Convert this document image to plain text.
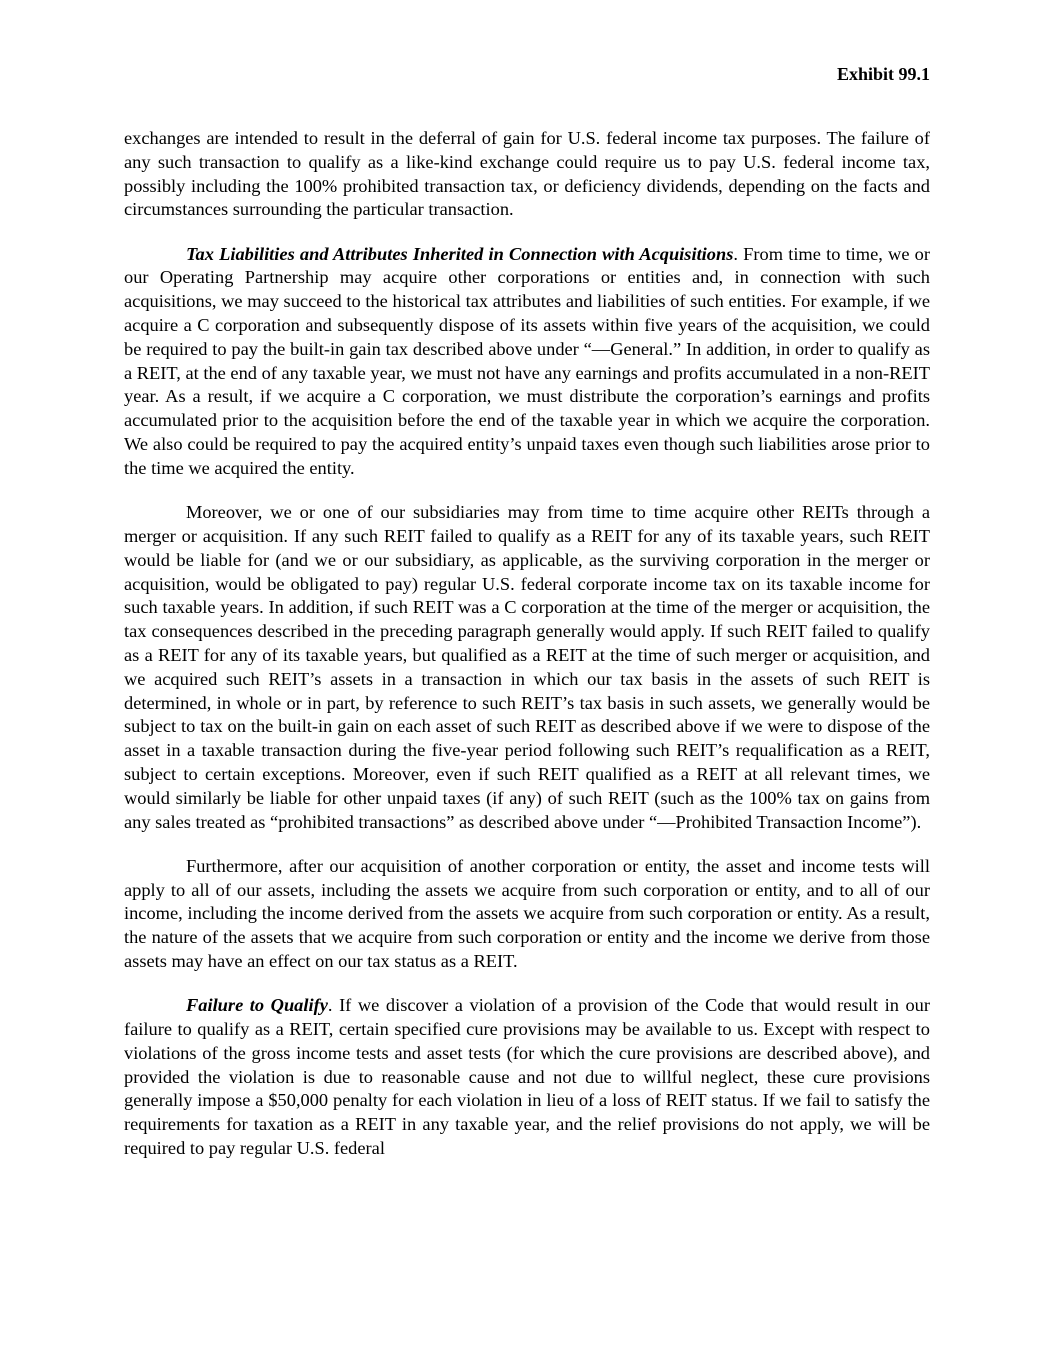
Exhibit 99.1

exchanges are intended to result in the deferral of gain for U.S. federal income tax purposes. The failure of any such transaction to qualify as a like-kind exchange could require us to pay U.S. federal income tax, possibly including the 100% prohibited transaction tax, or deficiency dividends, depending on the facts and circumstances surrounding the particular transaction.

Tax Liabilities and Attributes Inherited in Connection with Acquisitions. From time to time, we or our Operating Partnership may acquire other corporations or entities and, in connection with such acquisitions, we may succeed to the historical tax attributes and liabilities of such entities. For example, if we acquire a C corporation and subsequently dispose of its assets within five years of the acquisition, we could be required to pay the built-in gain tax described above under “—General.” In addition, in order to qualify as a REIT, at the end of any taxable year, we must not have any earnings and profits accumulated in a non-REIT year. As a result, if we acquire a C corporation, we must distribute the corporation’s earnings and profits accumulated prior to the acquisition before the end of the taxable year in which we acquire the corporation. We also could be required to pay the acquired entity’s unpaid taxes even though such liabilities arose prior to the time we acquired the entity.

Moreover, we or one of our subsidiaries may from time to time acquire other REITs through a merger or acquisition. If any such REIT failed to qualify as a REIT for any of its taxable years, such REIT would be liable for (and we or our subsidiary, as applicable, as the surviving corporation in the merger or acquisition, would be obligated to pay) regular U.S. federal corporate income tax on its taxable income for such taxable years. In addition, if such REIT was a C corporation at the time of the merger or acquisition, the tax consequences described in the preceding paragraph generally would apply. If such REIT failed to qualify as a REIT for any of its taxable years, but qualified as a REIT at the time of such merger or acquisition, and we acquired such REIT’s assets in a transaction in which our tax basis in the assets of such REIT is determined, in whole or in part, by reference to such REIT’s tax basis in such assets, we generally would be subject to tax on the built-in gain on each asset of such REIT as described above if we were to dispose of the asset in a taxable transaction during the five-year period following such REIT’s requalification as a REIT, subject to certain exceptions. Moreover, even if such REIT qualified as a REIT at all relevant times, we would similarly be liable for other unpaid taxes (if any) of such REIT (such as the 100% tax on gains from any sales treated as “prohibited transactions” as described above under “—Prohibited Transaction Income”).

Furthermore, after our acquisition of another corporation or entity, the asset and income tests will apply to all of our assets, including the assets we acquire from such corporation or entity, and to all of our income, including the income derived from the assets we acquire from such corporation or entity. As a result, the nature of the assets that we acquire from such corporation or entity and the income we derive from those assets may have an effect on our tax status as a REIT.

Failure to Qualify. If we discover a violation of a provision of the Code that would result in our failure to qualify as a REIT, certain specified cure provisions may be available to us. Except with respect to violations of the gross income tests and asset tests (for which the cure provisions are described above), and provided the violation is due to reasonable cause and not due to willful neglect, these cure provisions generally impose a $50,000 penalty for each violation in lieu of a loss of REIT status. If we fail to satisfy the requirements for taxation as a REIT in any taxable year, and the relief provisions do not apply, we will be required to pay regular U.S. federal
